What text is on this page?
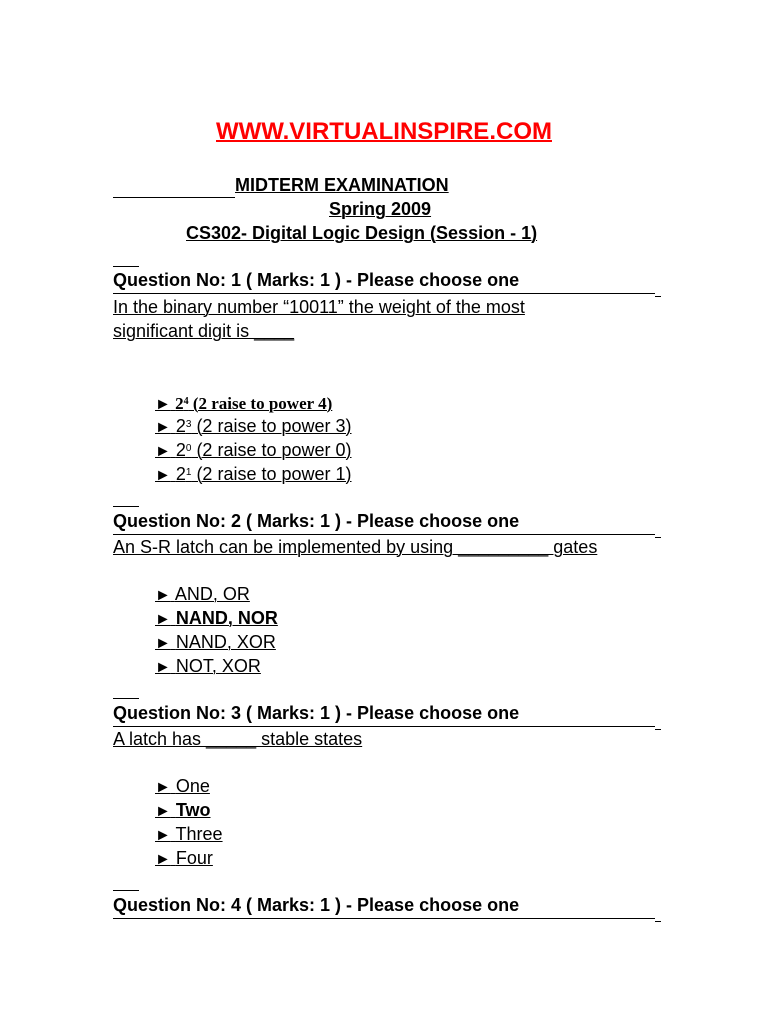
WWW.VIRTUALINSPIRE.COM
MIDTERM EXAMINATION
Spring 2009
CS302- Digital Logic Design (Session - 1)
Question No: 1 ( Marks: 1 ) - Please choose one
In the binary number “10011” the weight of the most
significant digit is ____
► $2^4$ (2 raise to power 4)
► $2^3$ (2 raise to power 3)
► $2^0$ (2 raise to power 0)
► $2^1$ (2 raise to power 1)
Question No: 2 ( Marks: 1 ) - Please choose one
An S-R latch can be implemented by using _________ gates
► AND, OR
► NAND, NOR
► NAND, XOR
► NOT, XOR
Question No: 3 ( Marks: 1 ) - Please choose one
A latch has _____ stable states
► One
► Two
► Three
► Four
Question No: 4 ( Marks: 1 ) - Please choose one
